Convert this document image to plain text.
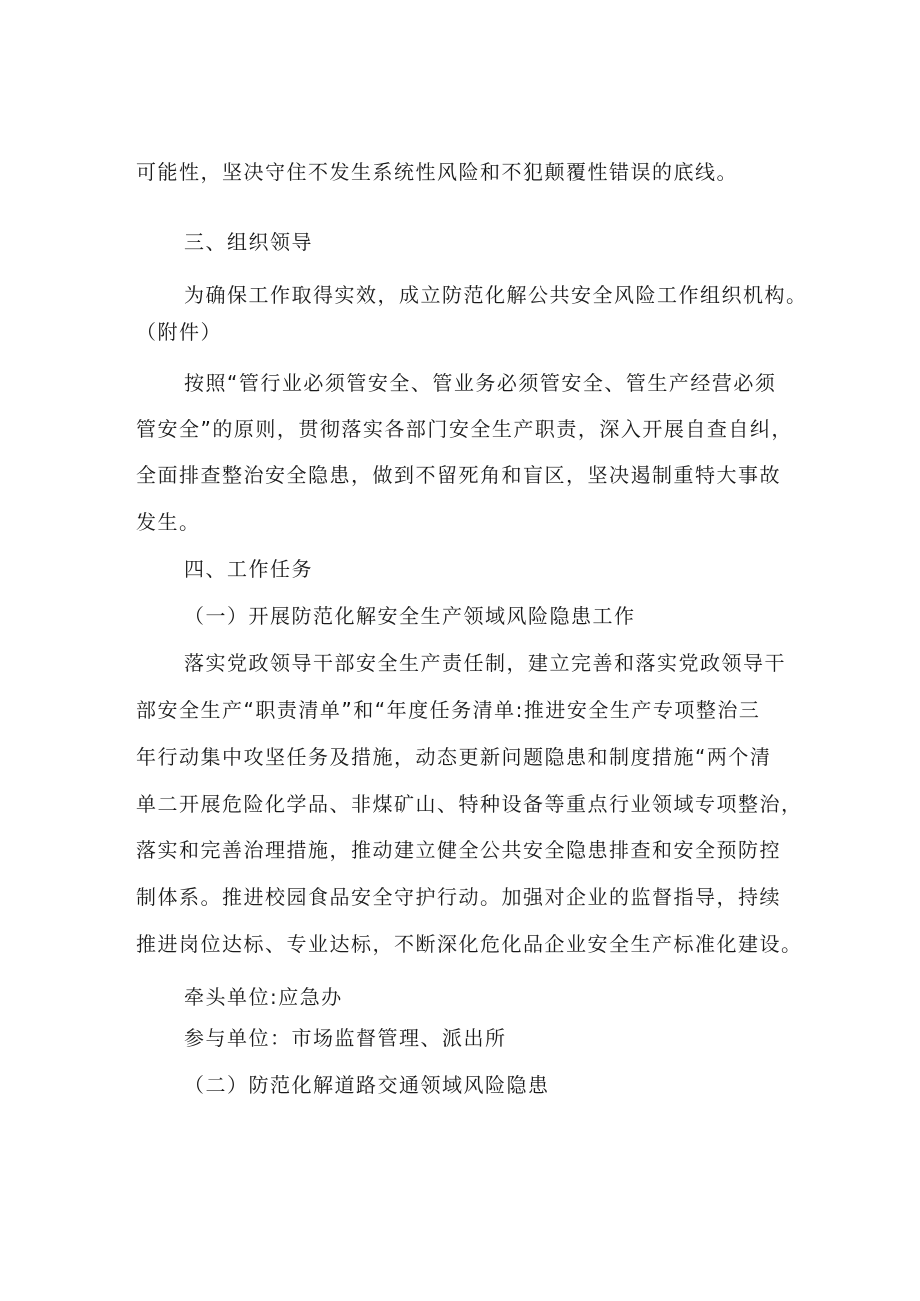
可能性，坚决守住不发生系统性风险和不犯颠覆性错误的底线。
三、组织领导
为确保工作取得实效，成立防范化解公共安全风险工作组织机构。
（附件）
按照“管行业必须管安全、管业务必须管安全、管生产经营必须
管安全”的原则，贯彻落实各部门安全生产职责，深入开展自查自纠，
全面排查整治安全隐患，做到不留死角和盲区，坚决遏制重特大事故
发生。
四、工作任务
（一）开展防范化解安全生产领域风险隐患工作
落实党政领导干部安全生产责任制，建立完善和落实党政领导干
部安全生产“职责清单”和“年度任务清单:推进安全生产专项整治三
年行动集中攻坚任务及措施，动态更新问题隐患和制度措施“两个清
单二开展危险化学品、非煤矿山、特种设备等重点行业领域专项整治，
落实和完善治理措施，推动建立健全公共安全隐患排查和安全预防控
制体系。推进校园食品安全守护行动。加强对企业的监督指导，持续
推进岗位达标、专业达标，不断深化危化品企业安全生产标准化建设。
牵头单位:应急办
参与单位：市场监督管理、派出所
（二）防范化解道路交通领域风险隐患
